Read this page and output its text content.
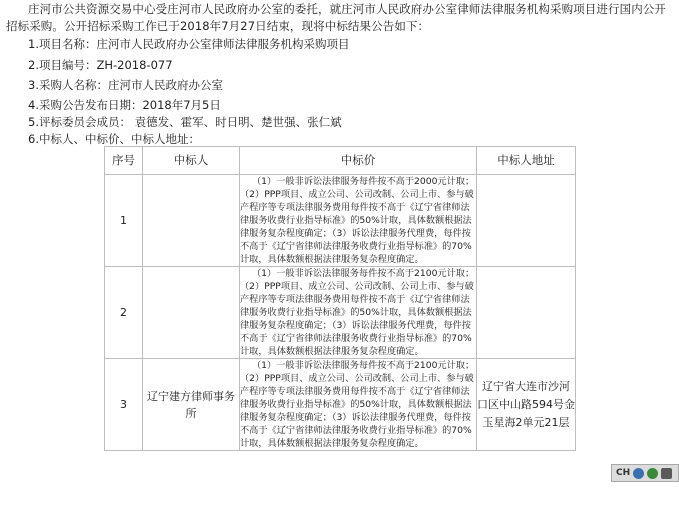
庄河市公共资源交易中心受庄河市人民政府办公室的委托，就庄河市人民政府办公室律师法律服务机构采购项目进行国内公开招标采购。公开招标采购工作已于2018年7月27日结束，现将中标结果公告如下：
1.项目名称：庄河市人民政府办公室律师法律服务机构采购项目
2.项目编号：ZH-2018-077
3.采购人名称：庄河市人民政府办公室
4.采购公告发布日期：2018年7月5日
5.评标委员会成员： 袁德发、霍军、时日明、楚世强、张仁斌
6.中标人、中标价、中标人地址：
序号	中标人	中标价	中标人地址
1		（1）一般非诉讼法律服务每件按不高于2000元计取；（2）PPP项目、成立公司、公司改制、公司上市、参与破产程序等专项法律服务费用每件按不高于《辽宁省律师法律服务收费行业指导标准》的50%计取，具体数额根据法律服务复杂程度确定；（3）诉讼法律服务代理费，每件按不高于《辽宁省律师法律服务收费行业指导标准》的70%计取，具体数额根据法律服务复杂程度确定。	

2		（1）一般非诉讼法律服务每件按不高于2100元计取；（2）PPP项目、成立公司、公司改制、公司上市、参与破产程序等专项法律服务费用每件按不高于《辽宁省律师法律服务收费行业指导标准》的50%计取，具体数额根据法律服务复杂程度确定；（3）诉讼法律服务代理费，每件按不高于《辽宁省律师法律服务收费行业指导标准》的70%计取，具体数额根据法律服务复杂程度确定。	

3	辽宁建方律师事务所	（1）一般非诉讼法律服务每件按不高于2100元计取；（2）PPP项目、成立公司、公司改制、公司上市、参与破产程序等专项法律服务费用每件按不高于《辽宁省律师法律服务收费行业指导标准》的50%计取，具体数额根据法律服务复杂程度确定；（3）诉讼法律服务代理费，每件按不高于《辽宁省律师法律服务收费行业指导标准》的70%计取，具体数额根据法律服务复杂程度确定。	辽宁省大连市沙河口区中山路594号金玉星海2单元21层
CH
